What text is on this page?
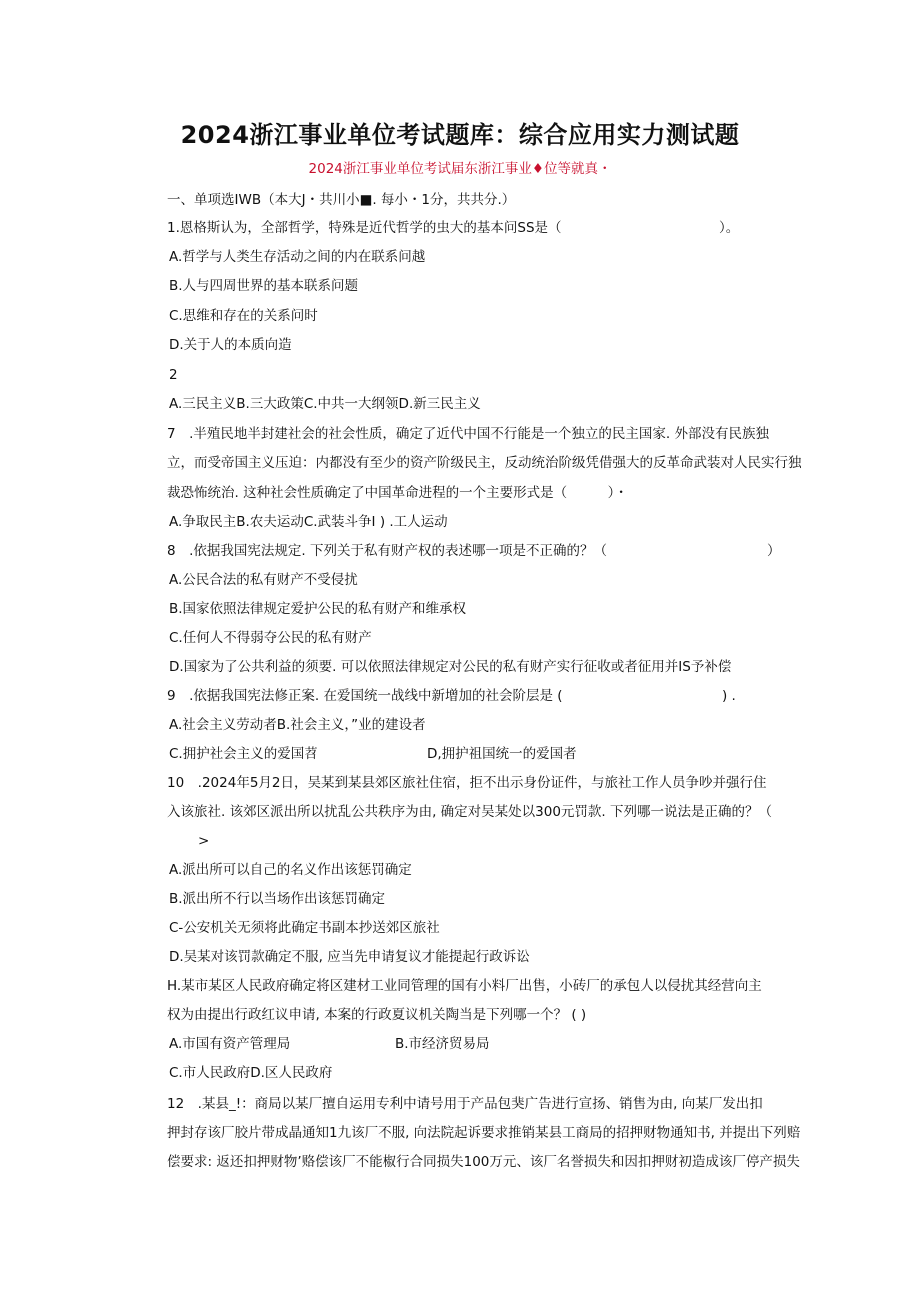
2024浙江事业单位考试题库：综合应用实力测试题
2024浙江事业单位考试届东浙江事业♦位等就真・
一、单项选IWB（本大J・共川小■. 每小・1分，共共分.）
1.恩格斯认为，全部哲学，特殊是近代哲学的虫大的基本问SS是（	）。
A.哲学与人类生存活动之间的内在联系问越
B.人与四周世界的基本联系问题
C.思维和存在的关系问时
D.关于人的本质向造
2
A.三民主义B.三大政策C.中共一大纲领D.新三民主义
7　.半殖民地半封建社会的社会性质，确定了近代中国不行能是一个独立的民主国家. 外部没有民族独
立，而受帝国主义压迫：内都没有至少的资产阶级民主，反动统治阶级凭借强大的反革命武装对人民实行独
裁恐怖统治. 这种社会性质确定了中国革命进程的一个主要形式是（　　　）・
A.争取民主B.农夫运动C.武装斗争I ) .工人运动
8　.依据我国宪法规定. 下列关于私有财产权的表述哪一项是不正确的？（	）
A.公民合法的私有财产不受侵扰
B.国家依照法律规定爱护公民的私有财产和维承权
C.任何人不得弱夺公民的私有财产
D.国家为了公共利益的须要. 可以依照法律规定对公民的私有财产实行征收或者征用并IS予补偿
9　.依据我国宪法修正案. 在爱国统一战线中新增加的社会阶层是 (	) .
A.社会主义劳动者B.社会主义，”业的建设者
C.拥护社会主义的爱国苕	D,拥护祖国统一的爱国者
10　.2024年5月2日，吴某到某县郊区旅社住宿，拒不出示身份证件，与旅社工作人员争吵并强行住
入该旅社. 该郊区派出所以扰乱公共秩序为由, 确定对吴某处以300元罚款. 下列哪一说法是正确的？（
>
A.派出所可以自己的名义作出该惩罚确定
B.派出所不行以当场作出该惩罚确定
C-公安机关无须将此确定书副本抄送郊区旅社
D.吴某对该罚款确定不服, 应当先申请复议才能提起行政诉讼
H.某市某区人民政府确定将区建材工业同管理的国有小料厂出售，小砖厂的承包人以侵扰其经营向主
权为由提出行政红议申请, 本案的行政夏议机关陶当是下列哪一个？ ( )
A.市国有资产管理局	B.市经济贸易局
C.市人民政府D.区人民政府
12　.某县_!：商局以某厂擅自运用专利中请号用于产品包猆广告进行宣扬、销售为由, 向某厂发出扣
押封存该厂胶片带成晶通知1九该厂不服, 向法院起诉要求推销某县工商局的招押财物通知书, 并提出下列赔
偿要求: 返还扣押财物’赂偿该厂不能椒行合同损失100万元、该厂名誉损失和因扣押财初造成该厂停产损失
